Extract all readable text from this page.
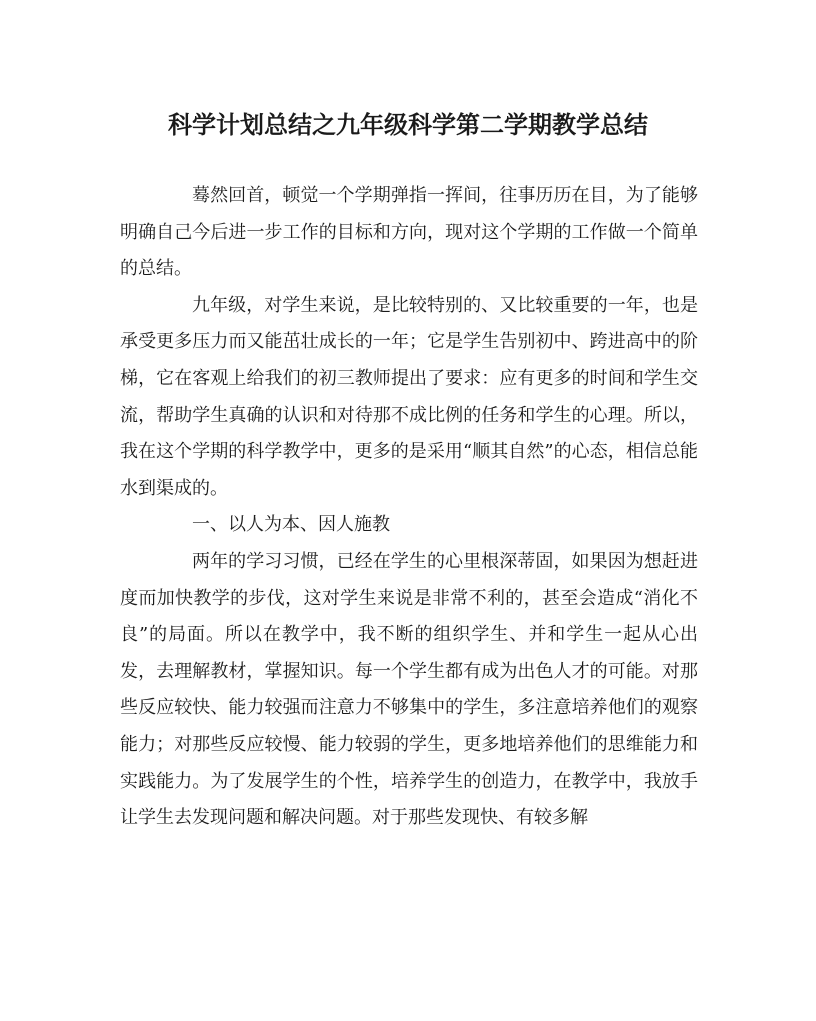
科学计划总结之九年级科学第二学期教学总结

蓦然回首，顿觉一个学期弹指一挥间，往事历历在目，为了能够明确自己今后进一步工作的目标和方向，现对这个学期的工作做一个简单的总结。

九年级，对学生来说，是比较特别的、又比较重要的一年，也是承受更多压力而又能茁壮成长的一年；它是学生告别初中、跨进高中的阶梯，它在客观上给我们的初三教师提出了要求：应有更多的时间和学生交流，帮助学生真确的认识和对待那不成比例的任务和学生的心理。所以，我在这个学期的科学教学中，更多的是采用“顺其自然”的心态，相信总能水到渠成的。

一、以人为本、因人施教

两年的学习习惯，已经在学生的心里根深蒂固，如果因为想赶进度而加快教学的步伐，这对学生来说是非常不利的，甚至会造成“消化不良”的局面。所以在教学中，我不断的组织学生、并和学生一起从心出发，去理解教材，掌握知识。每一个学生都有成为出色人才的可能。对那些反应较快、能力较强而注意力不够集中的学生，多注意培养他们的观察能力；对那些反应较慢、能力较弱的学生，更多地培养他们的思维能力和实践能力。为了发展学生的个性，培养学生的创造力，在教学中，我放手让学生去发现问题和解决问题。对于那些发现快、有较多解
